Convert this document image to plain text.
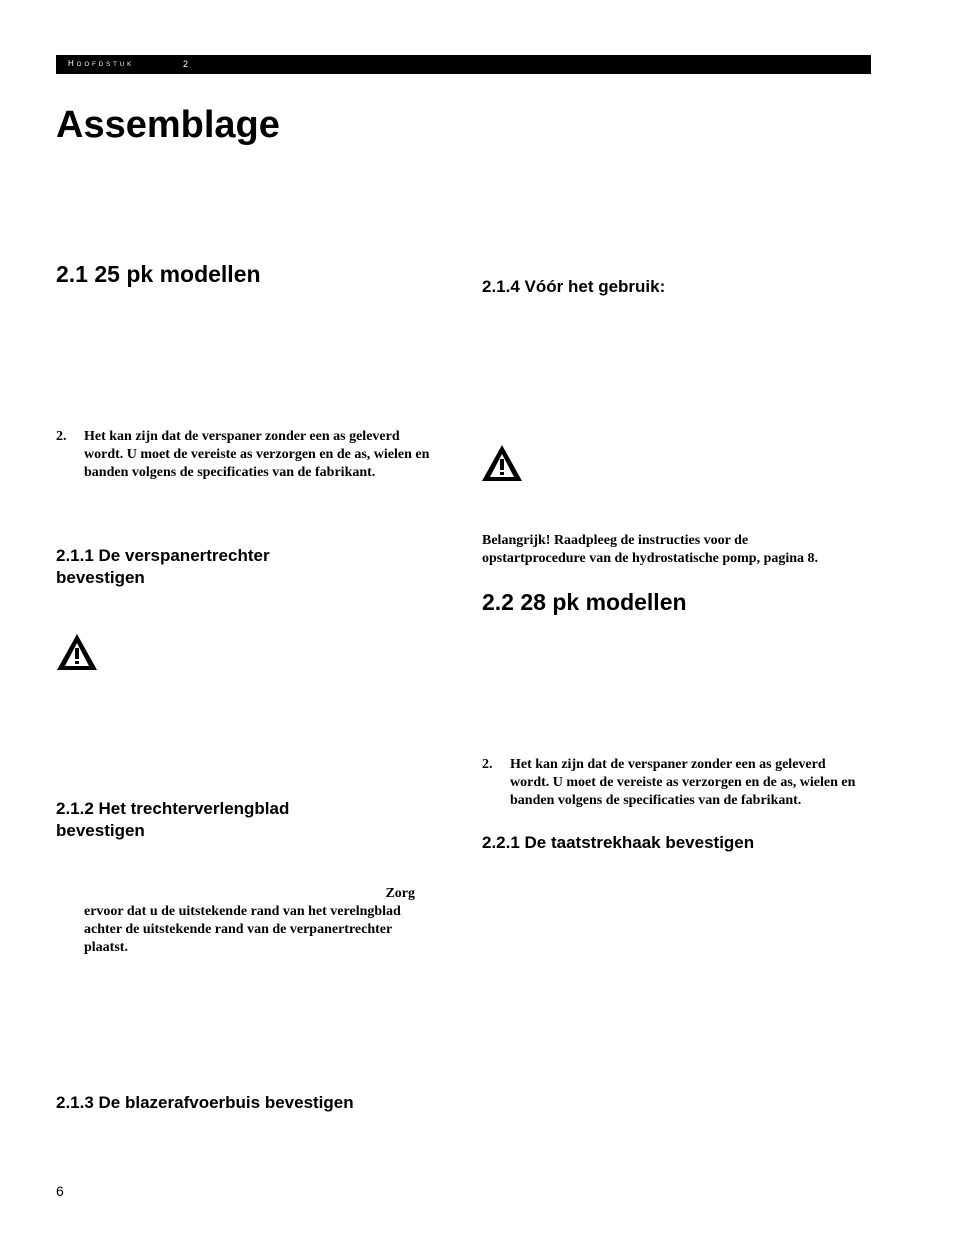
Hoofdstuk	2
Assemblage
2.1 25 pk modellen
2.	Het kan zijn dat de verspaner zonder een as geleverd wordt. U moet de vereiste as verzorgen en de as, wielen en banden volgens de specificaties van de fabrikant.
2.1.1 De verspanertrechter bevestigen
2.1.2 Het trechterverlengblad bevestigen
Zorg
ervoor dat u de uitstekende rand van het verelngblad achter de uitstekende rand van de verpanertrechter plaatst.
2.1.3 De blazerafvoerbuis bevestigen
2.1.4 Vóór het gebruik:
Belangrijk! Raadpleeg de instructies voor de opstartprocedure van de hydrostatische pomp, pagina 8.
2.2 28 pk modellen
2.	Het kan zijn dat de verspaner zonder een as geleverd wordt. U moet de vereiste as verzorgen en de as, wielen en banden volgens de specificaties van de fabrikant.
2.2.1 De taatstrekhaak bevestigen
6
